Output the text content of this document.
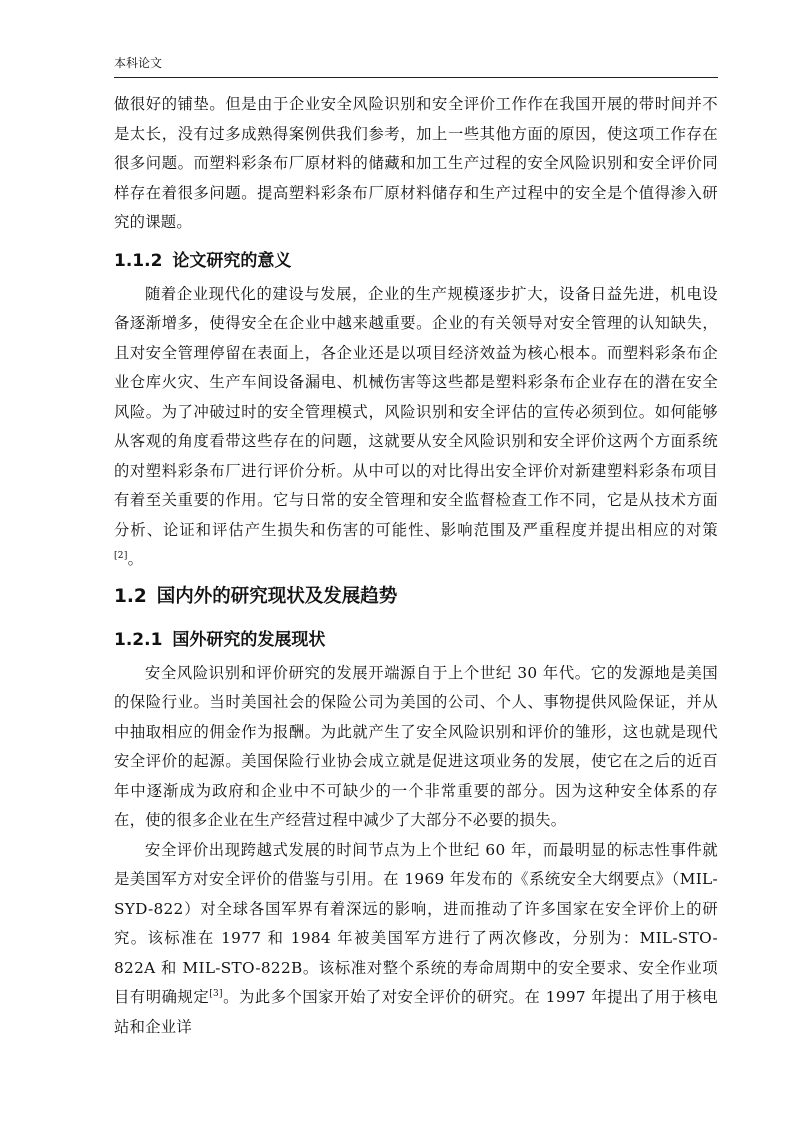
本科论文

做很好的铺垫。但是由于企业安全风险识别和安全评价工作作在我国开展的带时间并不是太长，没有过多成熟得案例供我们参考，加上一些其他方面的原因，使这项工作存在很多问题。而塑料彩条布厂原材料的储藏和加工生产过程的安全风险识别和安全评价同样存在着很多问题。提高塑料彩条布厂原材料储存和生产过程中的安全是个值得渗入研究的课题。

1.1.2 论文研究的意义

随着企业现代化的建设与发展，企业的生产规模逐步扩大，设备日益先进，机电设备逐渐增多，使得安全在企业中越来越重要。企业的有关领导对安全管理的认知缺失，且对安全管理停留在表面上，各企业还是以项目经济效益为核心根本。而塑料彩条布企业仓库火灾、生产车间设备漏电、机械伤害等这些都是塑料彩条布企业存在的潜在安全风险。为了冲破过时的安全管理模式，风险识别和安全评估的宣传必须到位。如何能够从客观的角度看带这些存在的问题，这就要从安全风险识别和安全评价这两个方面系统的对塑料彩条布厂进行评价分析。从中可以的对比得出安全评价对新建塑料彩条布项目有着至关重要的作用。它与日常的安全管理和安全监督检查工作不同，它是从技术方面分析、论证和评估产生损失和伤害的可能性、影响范围及严重程度并提出相应的对策[2]。

1.2 国内外的研究现状及发展趋势
1.2.1 国外研究的发展现状

安全风险识别和评价研究的发展开端源自于上个世纪 30 年代。它的发源地是美国的保险行业。当时美国社会的保险公司为美国的公司、个人、事物提供风险保证，并从中抽取相应的佣金作为报酬。为此就产生了安全风险识别和评价的雏形，这也就是现代安全评价的起源。美国保险行业协会成立就是促进这项业务的发展，使它在之后的近百年中逐渐成为政府和企业中不可缺少的一个非常重要的部分。因为这种安全体系的存在，使的很多企业在生产经营过程中减少了大部分不必要的损失。

安全评价出现跨越式发展的时间节点为上个世纪 60 年，而最明显的标志性事件就是美国军方对安全评价的借鉴与引用。在 1969 年发布的《系统安全大纲要点》（MIL-SYD-822）对全球各国军界有着深远的影响，进而推动了许多国家在安全评价上的研究。该标准在 1977 和 1984 年被美国军方进行了两次修改，分别为：MIL-STO-822A 和 MIL-STO-822B。该标准对整个系统的寿命周期中的安全要求、安全作业项目有明确规定[3]。为此多个国家开始了对安全评价的研究。在 1997 年提出了用于核电站和企业详
